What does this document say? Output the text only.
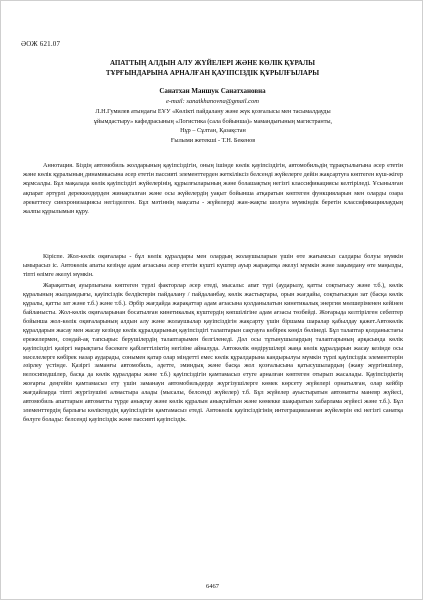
ӘОЖ 621.07
АПАТТЫҢ АЛДЫН АЛУ ЖҮЙЕЛЕРІ ЖӘНЕ КӨЛІК ҚҰРАЛЫ
ТҰРҒЫНДАРЫНА АРНАЛҒАН ҚАУІПСІЗДІК ҚҰРЫЛҒЫЛАРЫ
Санатхан Маншук Санатхановна
e-mail: sanatkhanovna@gmail.com
Л.Н.Гумилев атындағы ЕҰУ «Көлікті пайдалану және жүк қозғалысы мен тасымалдауды
ұйымдастыру» кафедрасының «Логистика (сала бойынша)» мамандығының магистранты,
Нұр – Сұлтан, Қазақстан
Ғылыми жетекші - Т.Н. Бекенов
Аннотация. Біздің автомобиль жолдарының қауіпсіздігін, оның ішінде көлік қауіпсіздігін, автомобильдің тұрақтылығына әсер ететін және көлік құралының динамикасына әсер ететін пассивті элементтерден жеткіліксіз белсенді жүйелерге дейін жақсартуға көптеген күш-жігер жұмсалды. Бұл мақалада көлік қауіпсіздігі жүйелерінің, құрылғыларының және болашақтың негізгі классификациясы келтіріледі. Ұсынылған ақпарат әртүрлі дереккөздерден жинақталған және осы жүйелердің уақыт бойынша атқаратын көптеген функцияларын мен оларды озара әрекеттесу синхронизациясы негізделген. Бұл мәтіннің мақсаты - жүйелерді жан-жақты шолуға мүмкіндік беретін классификациялаудың жалпы құрылымын құру.

Кіріспе. Жол-көлік оқиғалары - бұл көлік құралдары мен олардың жолаушыларын үшін өте жағымсыз салдары болуы мүмкін ымырасыз іс. Автокөлік апаты кезінде адам ағзасына әсер ететін күшті күштер ауыр жарақатқа әкелуі мүмкін және зақымдану өте маңызды, тіпті өлімге әкелуі мүмкін.

Жарақаттың ауырлығына көптеген түрлі факторлар әсер етеді, мысалы: апат түрі (аударылу, қатты соқтығысу және т.б.), көлік құралының жылдамдығы, қауіпсіздік белдіктерін пайдалану / пайдаланбау, көлік жастықтары, орын жағдайы, соқтығысқан зат (басқа көлік құралы, қатты зат және т.б.) және т.б.). Әрбір жағдайда жарақаттар адам ағзасына қолданылатын кинетикалық энергия мөлшеріменен кейінен байланысты. Жол-көлік оқиғаларынан босатылған кинетикалық күштердің көпшілігіне адам ағзасы төзбейді. Жоғарыда келтірілген себептер бойынша жол-көлік оқиғаларының алдын алу және жолаушылар қауіпсіздігін жақсарту үшін біршама шаралар қабылдау қажет.Автокөлік құралдарын жасау мен жасау кезінде көлік құралдарының қауіпсіздігі талаптарын сақтауға көбірек көңіл бөлінеді. Бұл талаптар қолданыстағы ережелермен, сондай-ақ тапсырыс берушілердің талаптарымен белгіленеді. Дәл осы тұтынушылардың талаптарының арқасында көлік қауіпсіздігі қазіргі нарықтағы бәсекеге қабілеттіліктің негізіне айналуда. Автокөлік өндірушілері жаңа көлік құралдарын жасау кезінде осы мәселелерге көбірек назар аударады, сонымен қатар олар міндетті емес көлік құралдарына кандырылуы мүмкін түрлі қауіпсіздік элементтерін әзірлеу үстінде. Қазіргі заманғы автомобиль, әдетте, эминдық және басқа жол қозғалысына қатысушылардың (жаяу жүргіншілер, велосипедшілер, басқа да көлік құралдары және т.б.) қауіпсіздігін қамтамасыз етуге арналған көптеген отырып жасалады. Қауіпсіздіктің жоғарғы деңгейін қамтамасыз ету үшін заманауи автомобильдерде жүргізушілерге көмек көрсету жүйелері орнатылған, олар кейбір жағдайларда тіпті жүргізушіні алмастыра алады (мысалы, белсенді жүйелер) т.б. Бұл жүйелер ауыстыратын автоматты маневр жүйесі, автомобиль апаттарын автоматты түрде анықтау және көлік құралын анықтайтын және көмекке шақыратын хабарлама жүйесі және т.б.). Бұл элементтердің барлығы көліктердің қауіпсіздігін қамтамасыз етеді. Автокөлік қауіпсіздігінің интеграцияланған жүйелерін екі негізгі санатқа бөлуге болады: белсенді қауіпсіздік және пассивті қауіпсіздік.

6467
